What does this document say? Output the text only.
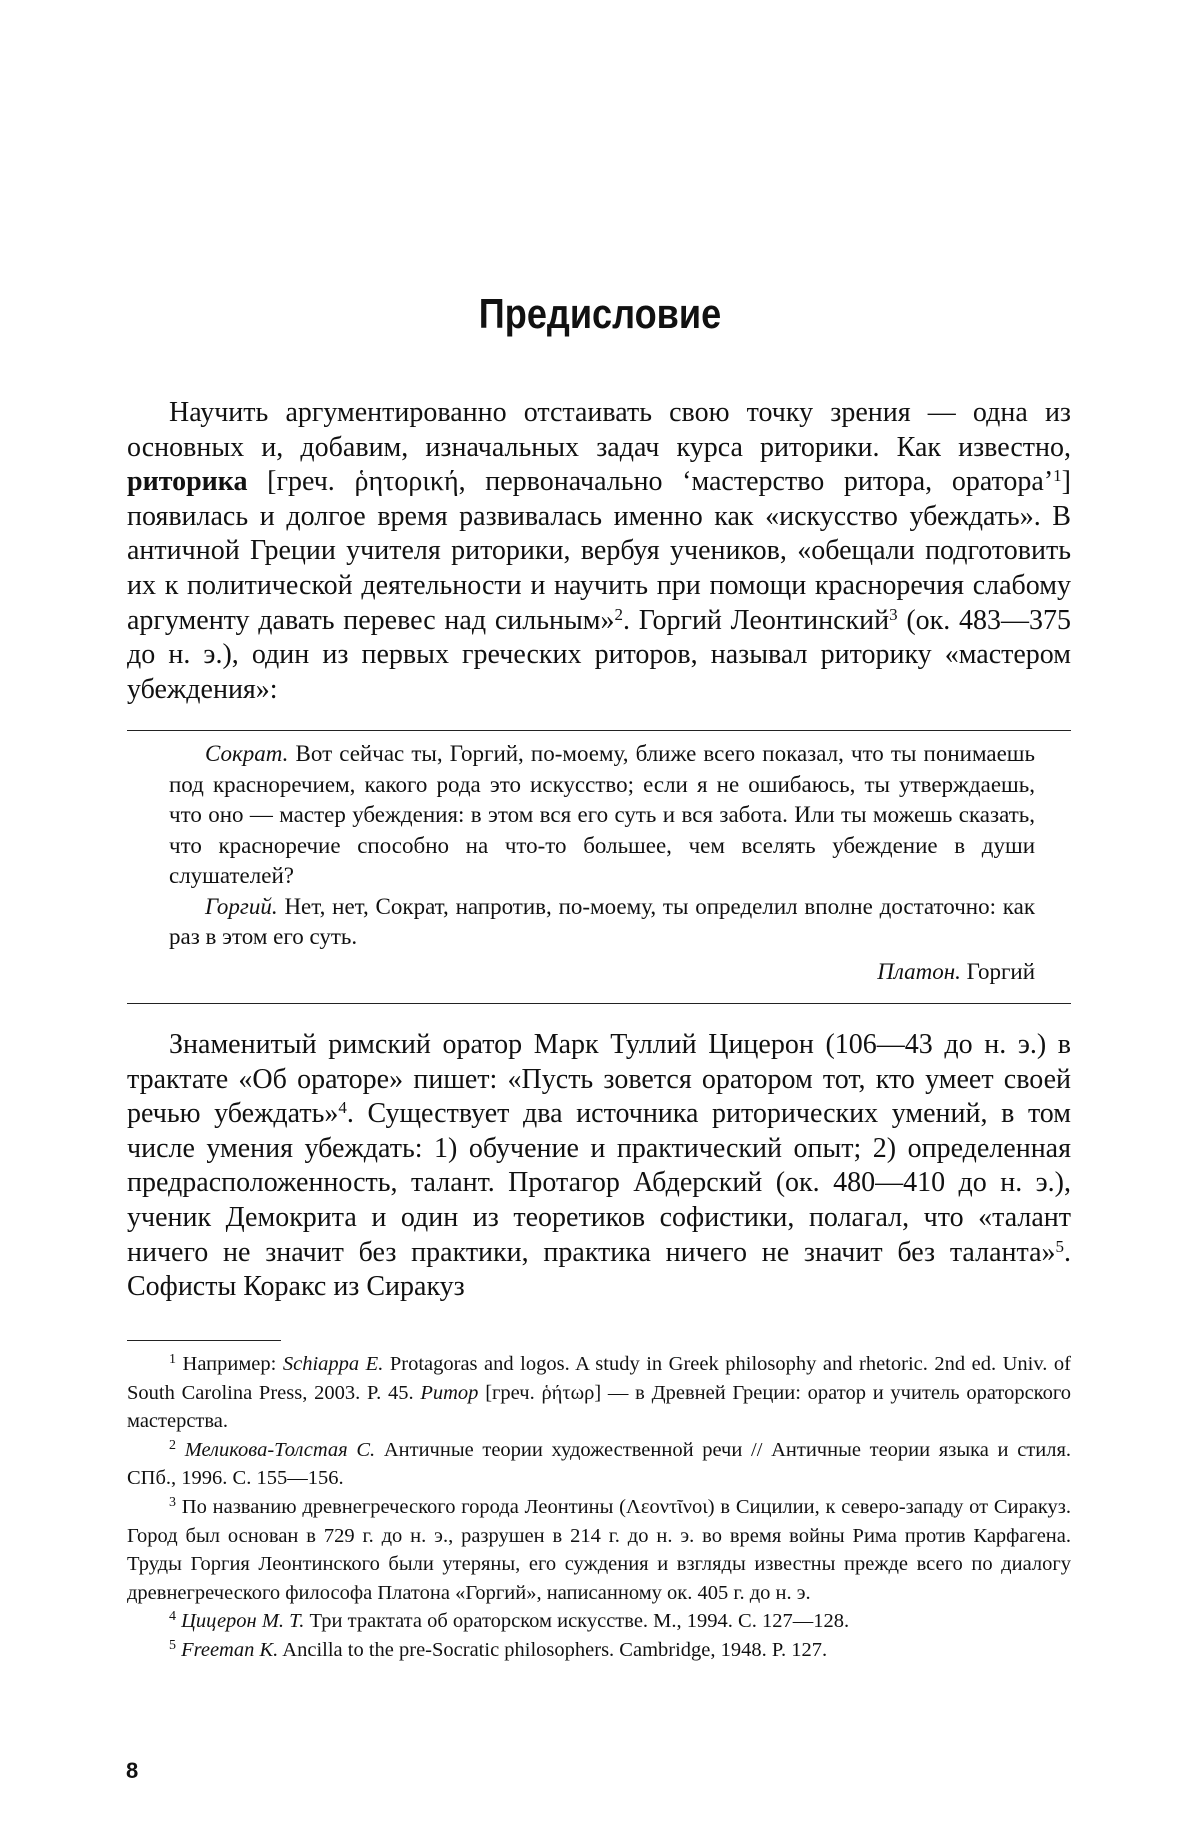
Предисловие

Научить аргументированно отстаивать свою точку зрения — одна из основных и, добавим, изначальных задач курса риторики. Как известно, риторика [греч. ῥητορική, первоначально ‘мастерство ритора, оратора’$^1$] появилась и долгое время развивалась именно как «искусство убеждать». В античной Греции учителя риторики, вербуя учеников, «обещали подготовить их к политической деятельности и научить при помощи красноречия слабому аргументу давать перевес над сильным»$^2$. Горгий Леонтинский$^3$ (ок. 483—375 до н. э.), один из первых греческих риторов, называл риторику «мастером убеждения»:

Сократ. Вот сейчас ты, Горгий, по-моему, ближе всего показал, что ты понимаешь под красноречием, какого рода это искусство; если я не ошибаюсь, ты утверждаешь, что оно — мастер убеждения: в этом вся его суть и вся забота. Или ты можешь сказать, что красноречие способно на что-то большее, чем вселять убеждение в души слушателей?

Горгий. Нет, нет, Сократ, напротив, по-моему, ты определил вполне достаточно: как раз в этом его суть.

Платон. Горгий

Знаменитый римский оратор Марк Туллий Цицерон (106—43 до н. э.) в трактате «Об ораторе» пишет: «Пусть зовется оратором тот, кто умеет своей речью убеждать»$^4$. Существует два источника риторических умений, в том числе умения убеждать: 1) обучение и практический опыт; 2) определенная предрасположенность, талант. Протагор Абдерский (ок. 480—410 до н. э.), ученик Демокрита и один из теоретиков софистики, полагал, что «талант ничего не значит без практики, практика ничего не значит без таланта»$^5$. Софисты Коракс из Сиракуз

$^1$ Например: Schiappa E. Protagoras and logos. A study in Greek philosophy and rhetoric. 2nd ed. Univ. of South Carolina Press, 2003. P. 45. Ритор [греч. ῥήτωρ] — в Древней Греции: оратор и учитель ораторского мастерства.

$^2$ Меликова-Толстая С. Античные теории художественной речи // Античные теории языка и стиля. СПб., 1996. С. 155—156.

$^3$ По названию древнегреческого города Леонтины (Λεοντῖνοι) в Сицилии, к северо-западу от Сиракуз. Город был основан в 729 г. до н. э., разрушен в 214 г. до н. э. во время войны Рима против Карфагена. Труды Горгия Леонтинского были утеряны, его суждения и взгляды известны прежде всего по диалогу древнегреческого философа Платона «Горгий», написанному ок. 405 г. до н. э.

$^4$ Цицерон М. Т. Три трактата об ораторском искусстве. М., 1994. С. 127—128.

$^5$ Freeman K. Ancilla to the pre-Socratic philosophers. Cambridge, 1948. P. 127.

8
